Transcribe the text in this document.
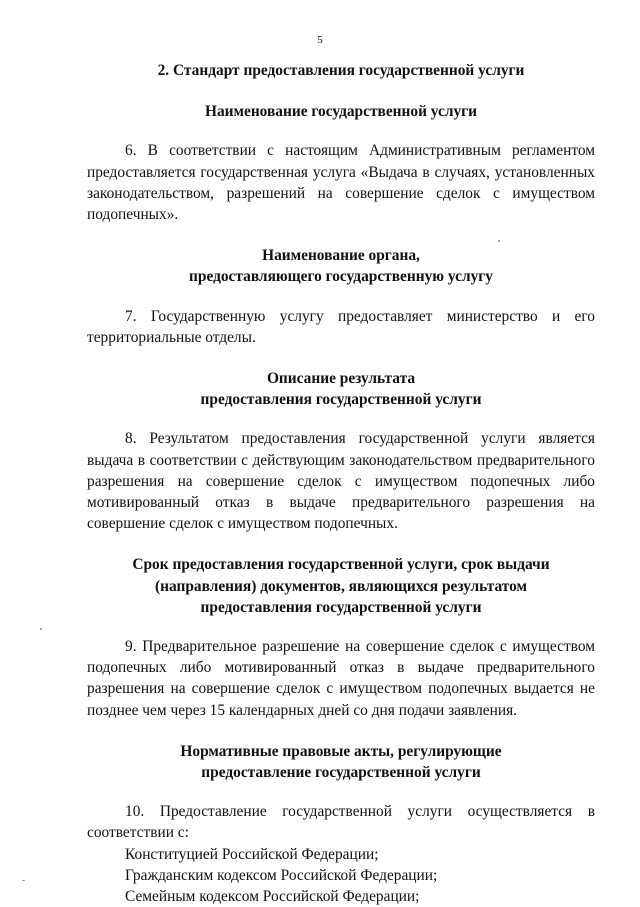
5

2. Стандарт предоставления государственной услуги

Наименование государственной услуги

6. В соответствии с настоящим Административным регламентом предоставляется государственная услуга «Выдача в случаях, установленных законодательством, разрешений на совершение сделок с имуществом подопечных».

Наименование органа,
предоставляющего государственную услугу

7. Государственную услугу предоставляет министерство и его территориальные отделы.

Описание результата
предоставления государственной услуги

8. Результатом предоставления государственной услуги является выдача в соответствии с действующим законодательством предварительного разрешения на совершение сделок с имуществом подопечных либо мотивированный отказ в выдаче предварительного разрешения на совершение сделок с имуществом подопечных.

Срок предоставления государственной услуги, срок выдачи
(направления) документов, являющихся результатом
предоставления государственной услуги

9. Предварительное разрешение на совершение сделок с имуществом подопечных либо мотивированный отказ в выдаче предварительного разрешения на совершение сделок с имуществом подопечных выдается не позднее чем через 15 календарных дней со дня подачи заявления.

Нормативные правовые акты, регулирующие
предоставление государственной услуги

10. Предоставление государственной услуги осуществляется в соответствии с:

Конституцией Российской Федерации;

Гражданским кодексом Российской Федерации;

Семейным кодексом Российской Федерации;
